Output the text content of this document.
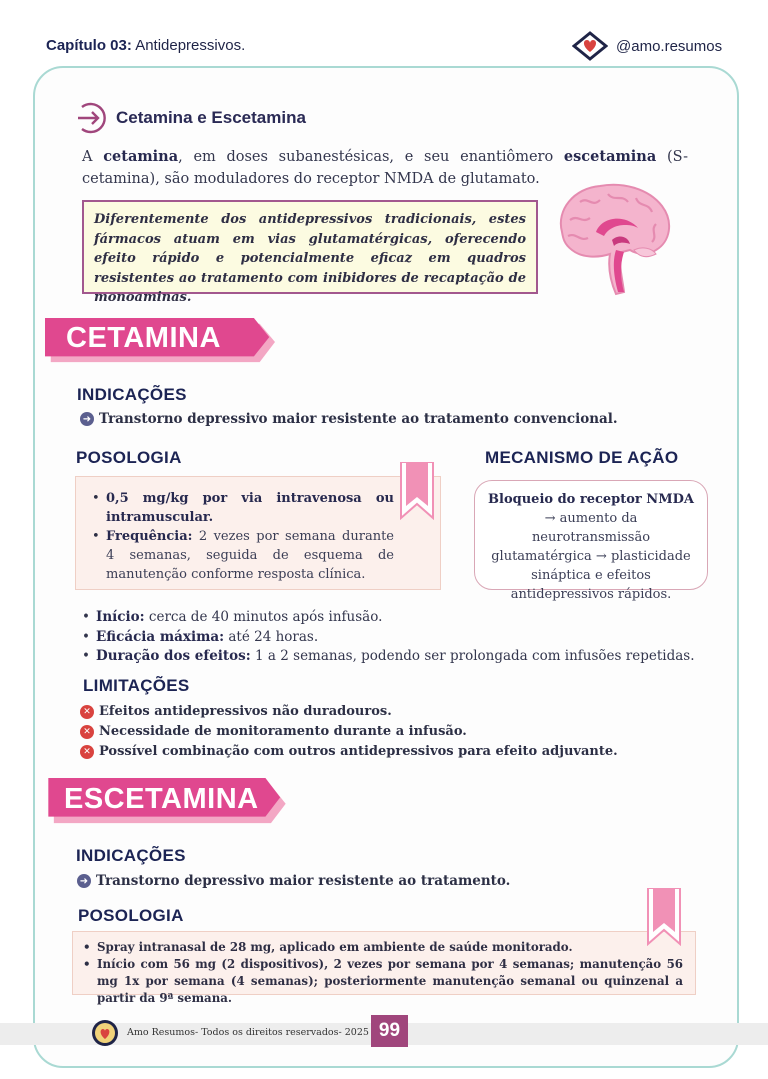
Capítulo 03: Antidepressivos.	@amo.resumos
Cetamina e Escetamina

A cetamina, em doses subanestésicas, e seu enantiômero escetamina (S-cetamina), são moduladores do receptor NMDA de glutamato.

Diferentemente dos antidepressivos tradicionais, estes fármacos atuam em vias glutamatérgicas, oferecendo efeito rápido e potencialmente eficaz em quadros resistentes ao tratamento com inibidores de recaptação de monoaminas.
CETAMINA
INDICAÇÕES
➜ Transtorno depressivo maior resistente ao tratamento convencional.
POSOLOGIA	MECANISMO DE AÇÃO
• 0,5 mg/kg por via intravenosa ou intramuscular.
• Frequência: 2 vezes por semana durante 4 semanas, seguida de esquema de manutenção conforme resposta clínica.
Bloqueio do receptor NMDA → aumento da neurotransmissão glutamatérgica → plasticidade sináptica e efeitos antidepressivos rápidos.
• Início: cerca de 40 minutos após infusão.
• Eficácia máxima: até 24 horas.
• Duração dos efeitos: 1 a 2 semanas, podendo ser prolongada com infusões repetidas.
LIMITAÇÕES
✕ Efeitos antidepressivos não duradouros.
✕ Necessidade de monitoramento durante a infusão.
✕ Possível combinação com outros antidepressivos para efeito adjuvante.
ESCETAMINA
INDICAÇÕES
➜ Transtorno depressivo maior resistente ao tratamento.
POSOLOGIA
• Spray intranasal de 28 mg, aplicado em ambiente de saúde monitorado.
• Início com 56 mg (2 dispositivos), 2 vezes por semana por 4 semanas; manutenção 56 mg 1x por semana (4 semanas); posteriormente manutenção semanal ou quinzenal a partir da 9ª semana.
Amo Resumos- Todos os direitos reservados- 2025 99
